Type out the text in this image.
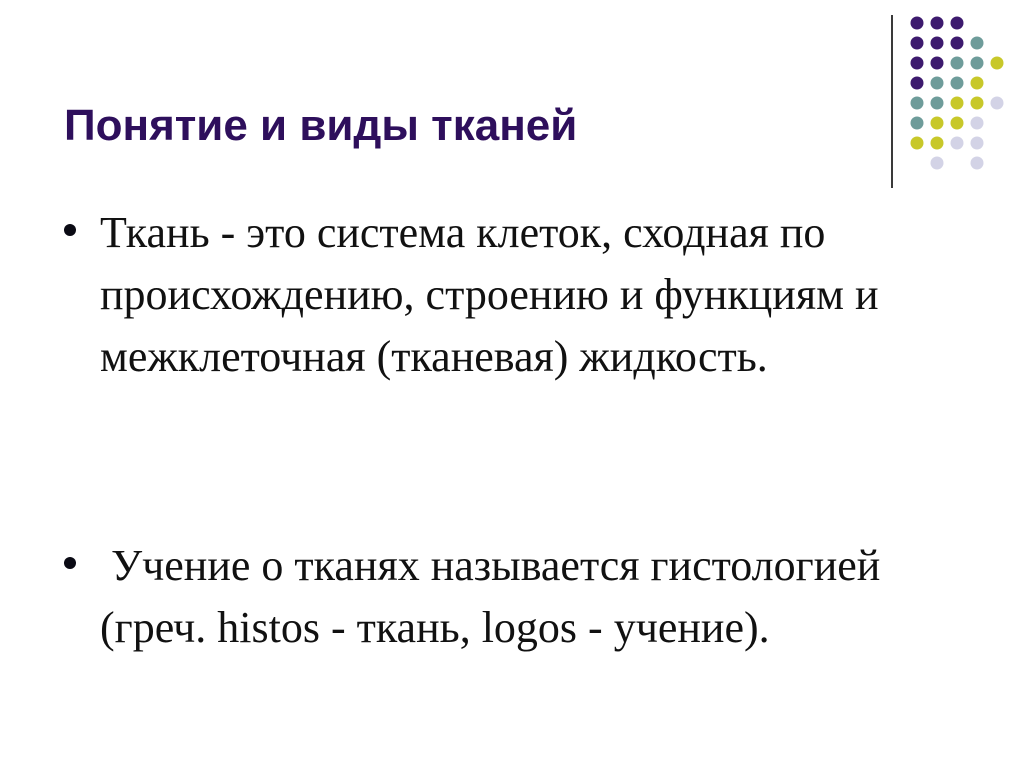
Понятие и виды тканей
Ткань - это система клеток, сходная по происхождению, строению и функциям и межклеточная (тканевая) жидкость.
Учение о тканях называется гистологией (греч. histos - ткань, logos - учение).
